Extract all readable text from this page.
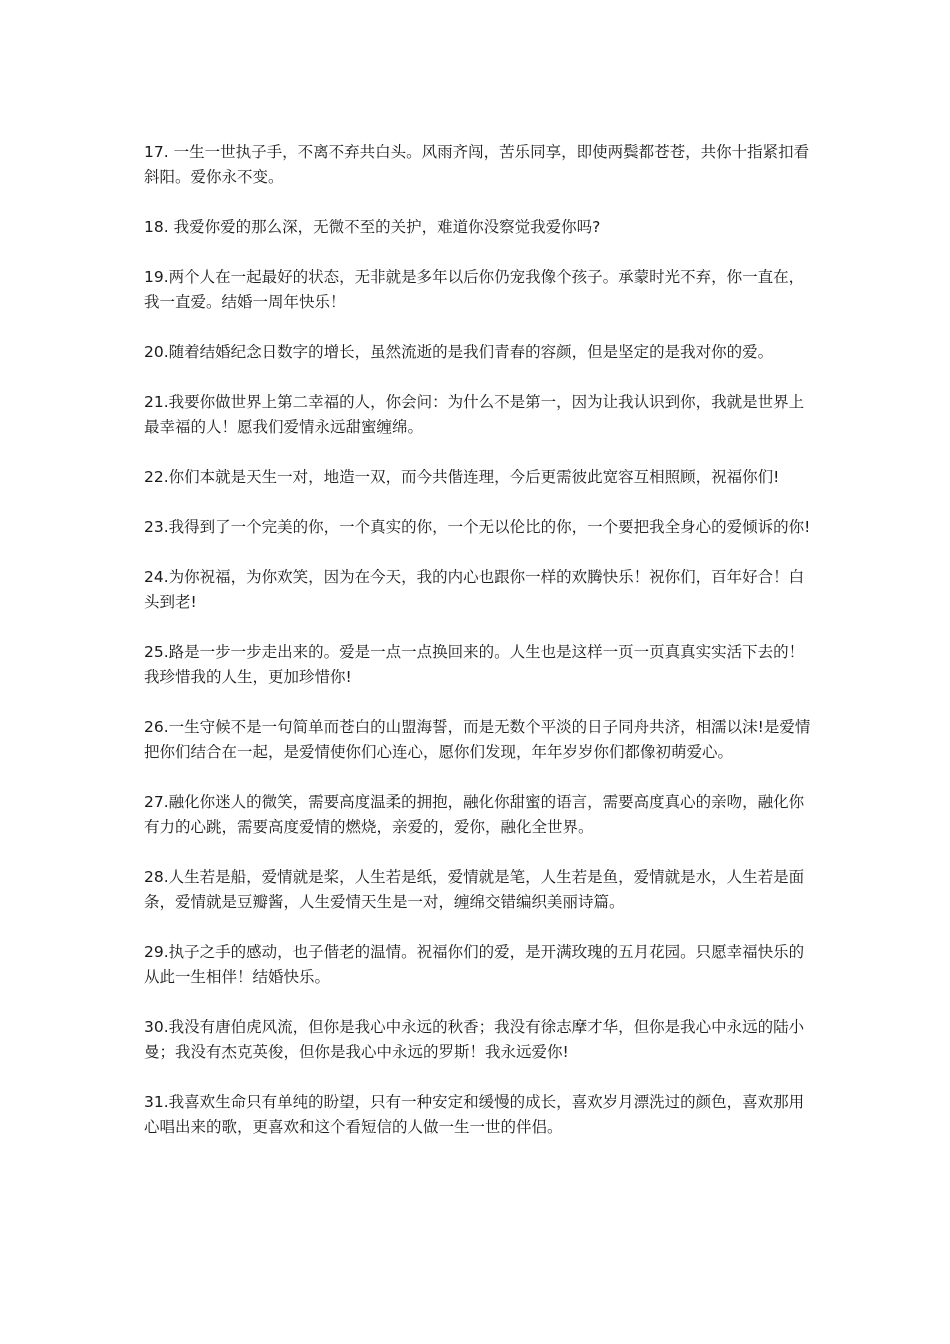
17. 一生一世执子手，不离不弃共白头。风雨齐闯，苦乐同享，即使两鬓都苍苍，共你十指紧扣看斜阳。爱你永不变。

18. 我爱你爱的那么深，无微不至的关护，难道你没察觉我爱你吗?

19.两个人在一起最好的状态，无非就是多年以后你仍宠我像个孩子。承蒙时光不弃，你一直在，我一直爱。结婚一周年快乐！

20.随着结婚纪念日数字的增长，虽然流逝的是我们青春的容颜，但是坚定的是我对你的爱。

21.我要你做世界上第二幸福的人，你会问：为什么不是第一，因为让我认识到你，我就是世界上最幸福的人！愿我们爱情永远甜蜜缠绵。

22.你们本就是天生一对，地造一双，而今共偕连理，今后更需彼此宽容互相照顾，祝福你们!

23.我得到了一个完美的你，一个真实的你，一个无以伦比的你，一个要把我全身心的爱倾诉的你!

24.为你祝福，为你欢笑，因为在今天，我的内心也跟你一样的欢腾快乐！祝你们，百年好合！白头到老!

25.路是一步一步走出来的。爱是一点一点换回来的。人生也是这样一页一页真真实实活下去的！我珍惜我的人生，更加珍惜你!

26.一生守候不是一句简单而苍白的山盟海誓，而是无数个平淡的日子同舟共济，相濡以沫!是爱情把你们结合在一起，是爱情使你们心连心，愿你们发现，年年岁岁你们都像初萌爱心。

27.融化你迷人的微笑，需要高度温柔的拥抱，融化你甜蜜的语言，需要高度真心的亲吻，融化你有力的心跳，需要高度爱情的燃烧，亲爱的，爱你，融化全世界。

28.人生若是船，爱情就是桨，人生若是纸，爱情就是笔，人生若是鱼，爱情就是水，人生若是面条，爱情就是豆瓣酱，人生爱情天生是一对，缠绵交错编织美丽诗篇。

29.执子之手的感动，也子偕老的温情。祝福你们的爱，是开满玫瑰的五月花园。只愿幸福快乐的从此一生相伴！结婚快乐。

30.我没有唐伯虎风流，但你是我心中永远的秋香；我没有徐志摩才华，但你是我心中永远的陆小曼；我没有杰克英俊，但你是我心中永远的罗斯！我永远爱你!

31.我喜欢生命只有单纯的盼望，只有一种安定和缓慢的成长，喜欢岁月漂洗过的颜色，喜欢那用心唱出来的歌，更喜欢和这个看短信的人做一生一世的伴侣。
